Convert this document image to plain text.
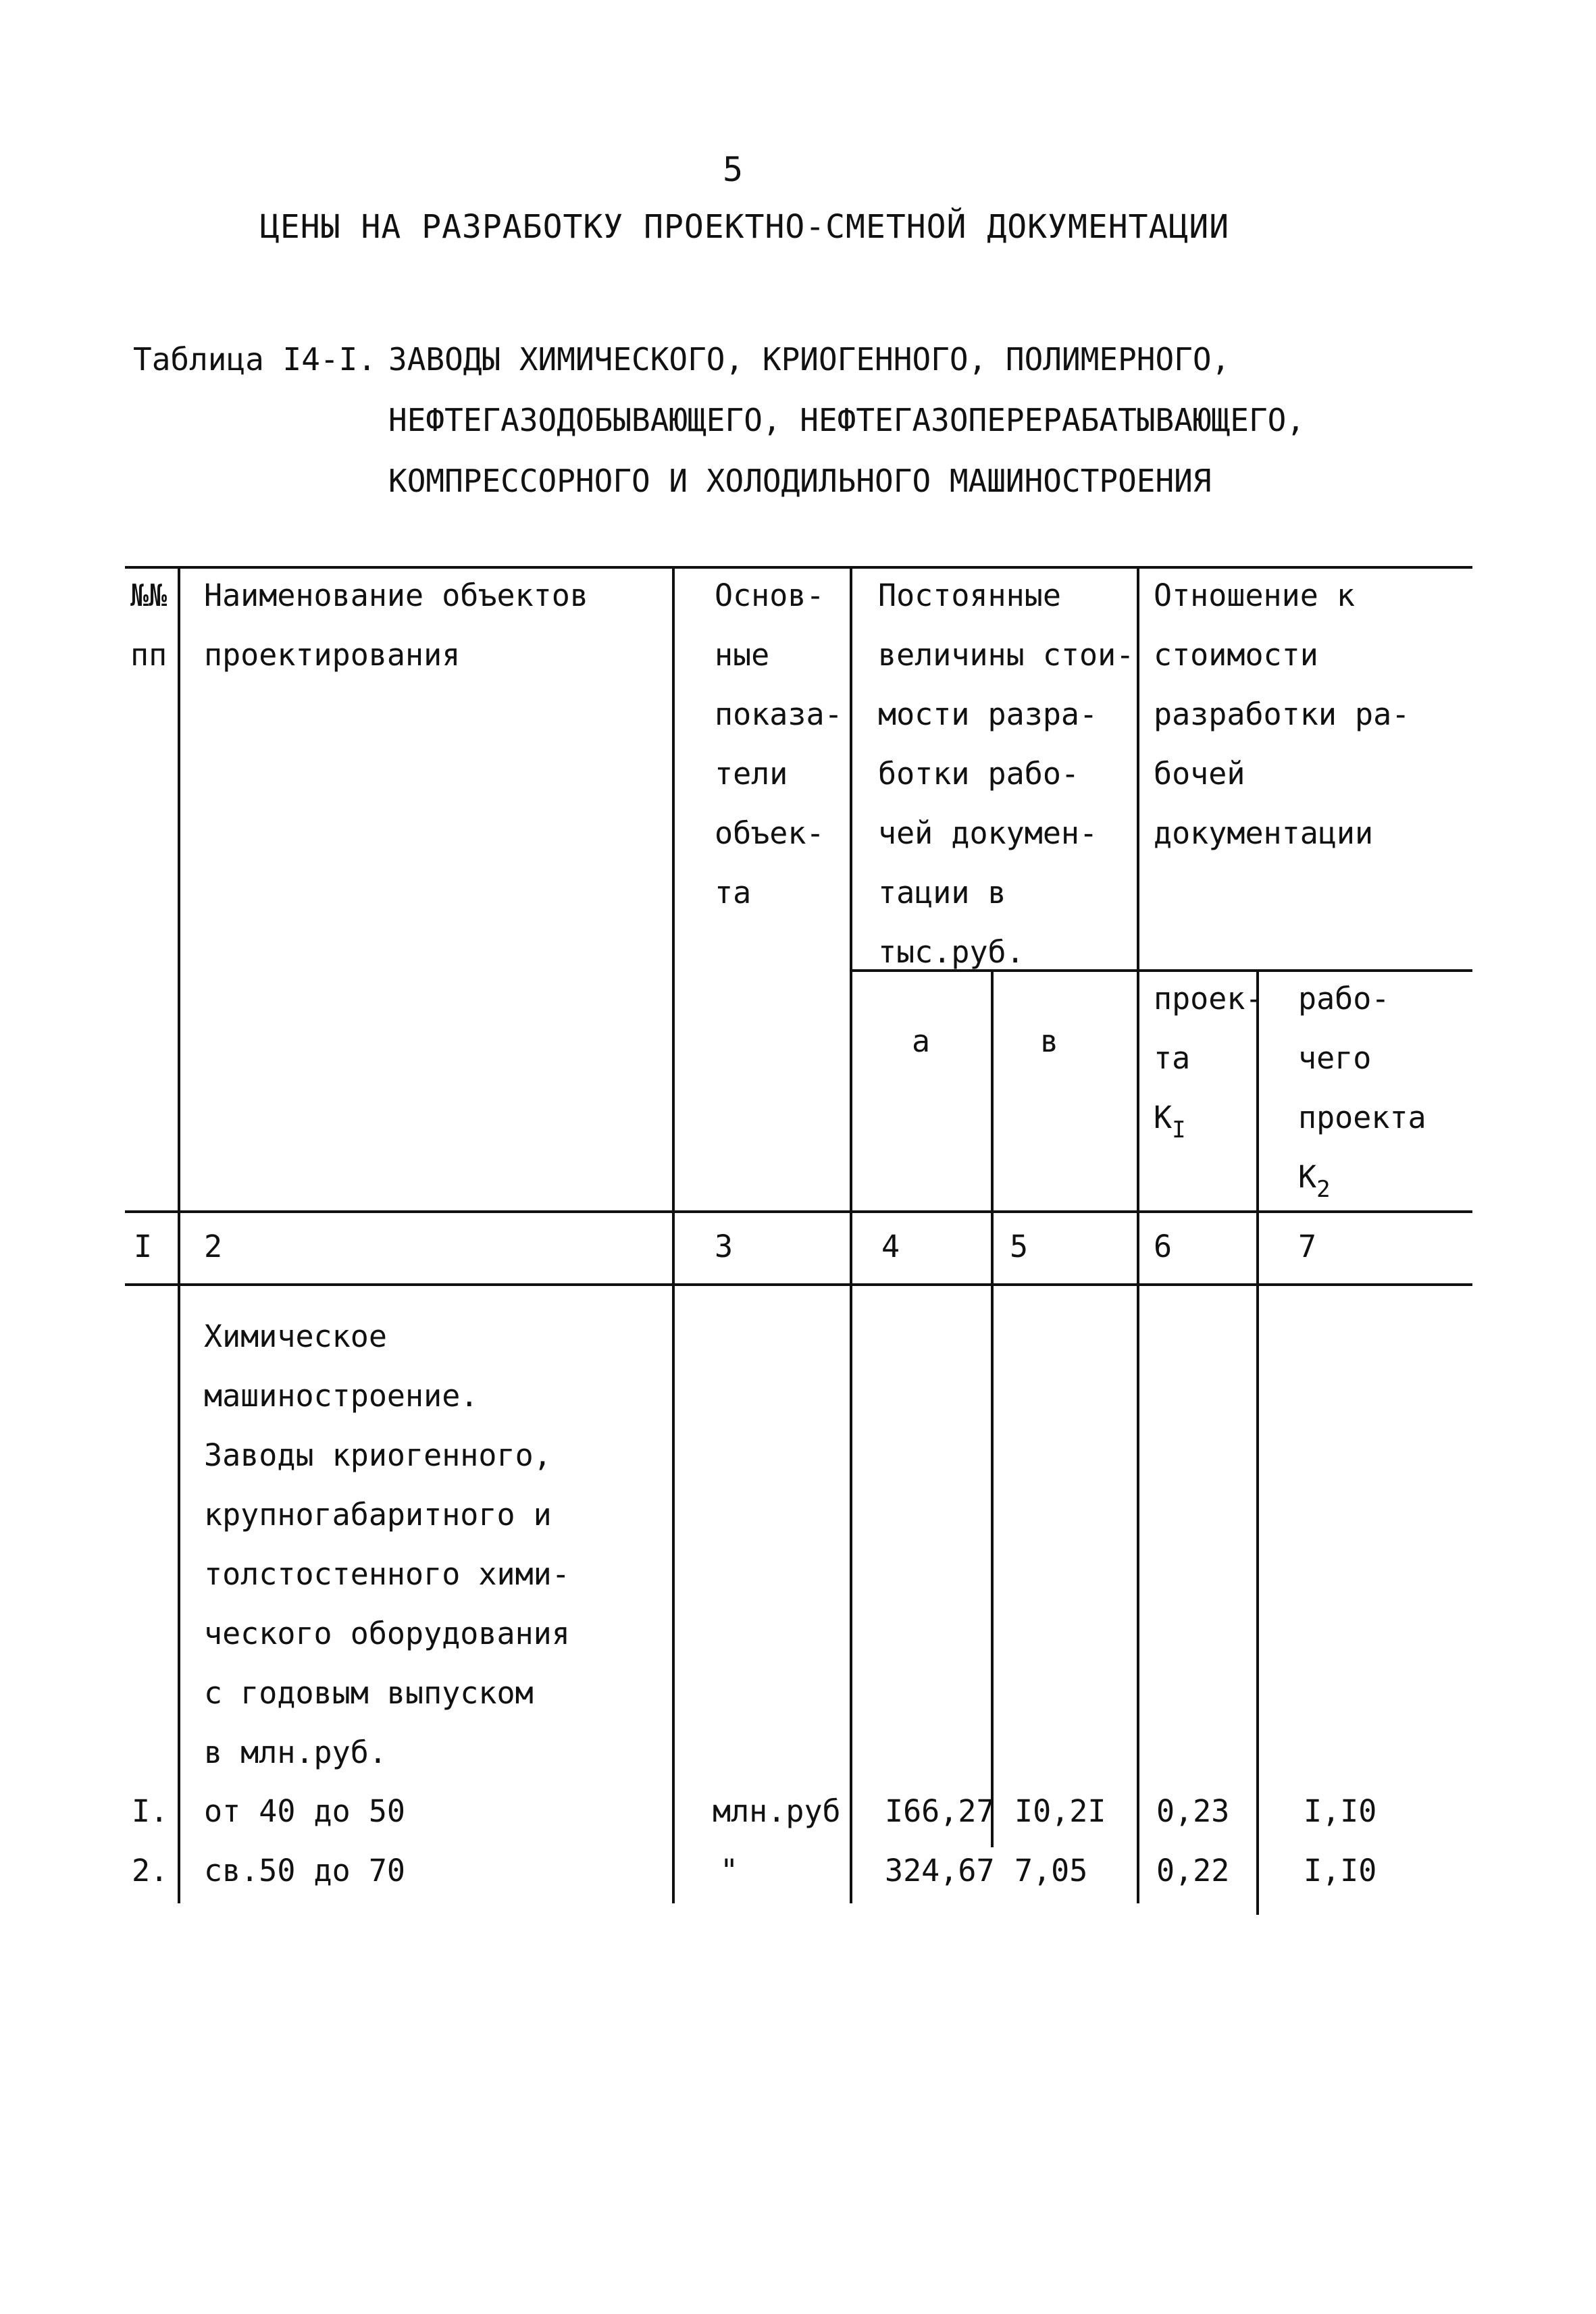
5
ЦЕНЫ НА РАЗРАБОТКУ ПРОЕКТНО-СМЕТНОЙ ДОКУМЕНТАЦИИ
Таблица I4-I. ЗАВОДЫ ХИМИЧЕСКОГО, КРИОГЕННОГО, ПОЛИМЕРНОГО,
НЕФТЕГАЗОДОБЫВАЮЩЕГО, НЕФТЕГАЗОПЕРЕРАБАТЫВАЮЩЕГО,
КОМПРЕССОРНОГО И ХОЛОДИЛЬНОГО МАШИНОСТРОЕНИЯ
№№
пп
Наименование объектов
проектирования
Основ-
ные
показа-
тели
объек-
та
Постоянные
величины стои-
мости разра-
ботки рабо-
чей докумен-
тации в
тыс.руб.
а	в
Отношение к
стоимости
разработки ра-
бочей
документации
проек-
та
$К_I$
рабо-
чего
проекта
$К_2$
I 2	3	4	5	6	7
Химическое
машиностроение.
Заводы криогенного,
крупногабаритного и
толстостенного хими-
ческого оборудования
с годовым выпуском
в млн.руб.
I. от 40 до 50	млн.руб I66,27 I0,2I 0,23 I,I0
2. св.50 до 70	"	324,67 7,05 0,22 I,I0
